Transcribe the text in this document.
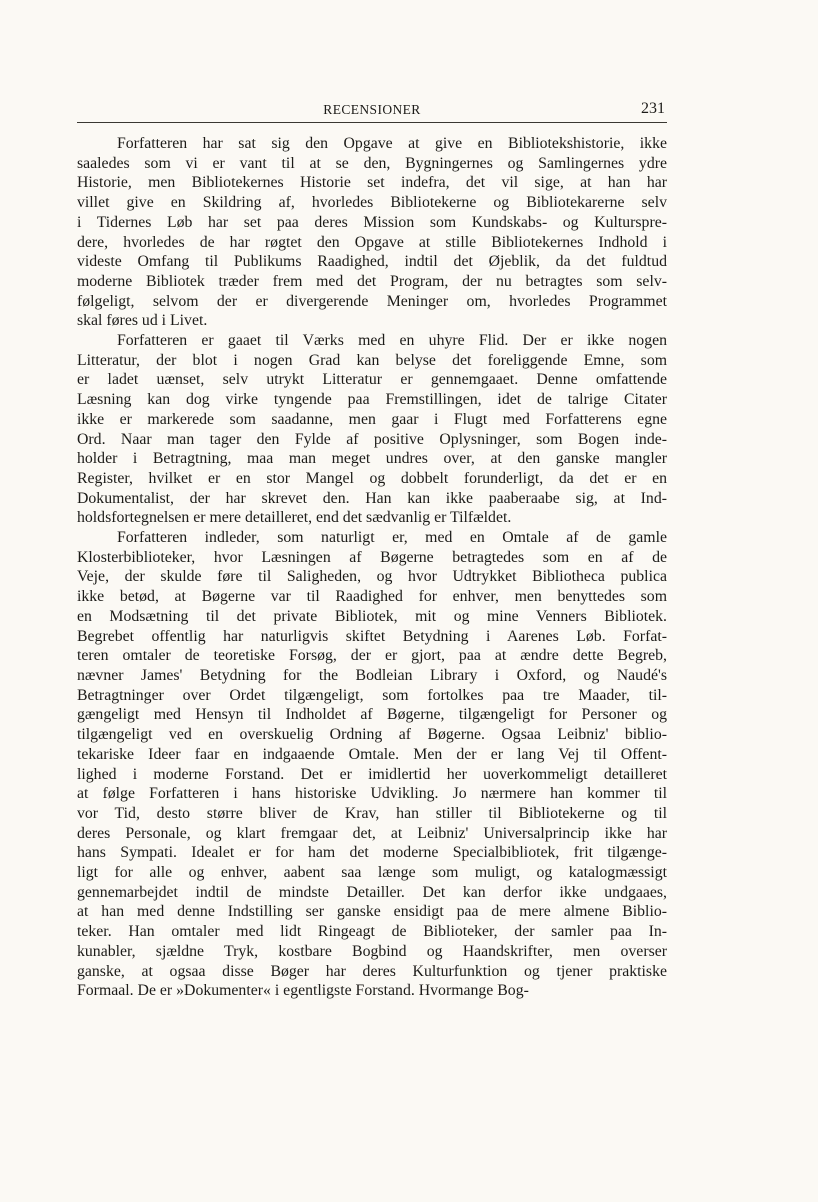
RECENSIONER	231
Forfatteren har sat sig den Opgave at give en Bibliotekshistorie, ikke
saaledes som vi er vant til at se den, Bygningernes og Samlingernes ydre
Historie, men Bibliotekernes Historie set indefra, det vil sige, at han har
villet give en Skildring af, hvorledes Bibliotekerne og Bibliotekarerne selv
i Tidernes Løb har set paa deres Mission som Kundskabs- og Kulturspre-
dere, hvorledes de har røgtet den Opgave at stille Bibliotekernes Indhold i
videste Omfang til Publikums Raadighed, indtil det Øjeblik, da det fuldtud
moderne Bibliotek træder frem med det Program, der nu betragtes som selv-
følgeligt, selvom der er divergerende Meninger om, hvorledes Programmet
skal føres ud i Livet.
Forfatteren er gaaet til Værks med en uhyre Flid. Der er ikke nogen
Litteratur, der blot i nogen Grad kan belyse det foreliggende Emne, som
er ladet uænset, selv utrykt Litteratur er gennemgaaet. Denne omfattende
Læsning kan dog virke tyngende paa Fremstillingen, idet de talrige Citater
ikke er markerede som saadanne, men gaar i Flugt med Forfatterens egne
Ord. Naar man tager den Fylde af positive Oplysninger, som Bogen inde-
holder i Betragtning, maa man meget undres over, at den ganske mangler
Register, hvilket er en stor Mangel og dobbelt forunderligt, da det er en
Dokumentalist, der har skrevet den. Han kan ikke paaberaabe sig, at Ind-
holdsfortegnelsen er mere detailleret, end det sædvanlig er Tilfældet.
Forfatteren indleder, som naturligt er, med en Omtale af de gamle
Klosterbiblioteker, hvor Læsningen af Bøgerne betragtedes som en af de
Veje, der skulde føre til Saligheden, og hvor Udtrykket Bibliotheca publica
ikke betød, at Bøgerne var til Raadighed for enhver, men benyttedes som
en Modsætning til det private Bibliotek, mit og mine Venners Bibliotek.
Begrebet offentlig har naturligvis skiftet Betydning i Aarenes Løb. Forfat-
teren omtaler de teoretiske Forsøg, der er gjort, paa at ændre dette Begreb,
nævner James' Betydning for the Bodleian Library i Oxford, og Naudé's
Betragtninger over Ordet tilgængeligt, som fortolkes paa tre Maader, til-
gængeligt med Hensyn til Indholdet af Bøgerne, tilgængeligt for Personer og
tilgængeligt ved en overskuelig Ordning af Bøgerne. Ogsaa Leibniz' biblio-
tekariske Ideer faar en indgaaende Omtale. Men der er lang Vej til Offent-
lighed i moderne Forstand. Det er imidlertid her uoverkommeligt detailleret
at følge Forfatteren i hans historiske Udvikling. Jo nærmere han kommer til
vor Tid, desto større bliver de Krav, han stiller til Bibliotekerne og til
deres Personale, og klart fremgaar det, at Leibniz' Universalprincip ikke har
hans Sympati. Idealet er for ham det moderne Specialbibliotek, frit tilgænge-
ligt for alle og enhver, aabent saa længe som muligt, og katalogmæssigt
gennemarbejdet indtil de mindste Detailler. Det kan derfor ikke undgaaes,
at han med denne Indstilling ser ganske ensidigt paa de mere almene Biblio-
teker. Han omtaler med lidt Ringeagt de Biblioteker, der samler paa In-
kunabler, sjældne Tryk, kostbare Bogbind og Haandskrifter, men overser
ganske, at ogsaa disse Bøger har deres Kulturfunktion og tjener praktiske
Formaal. De er »Dokumenter« i egentligste Forstand. Hvormange Bog-
